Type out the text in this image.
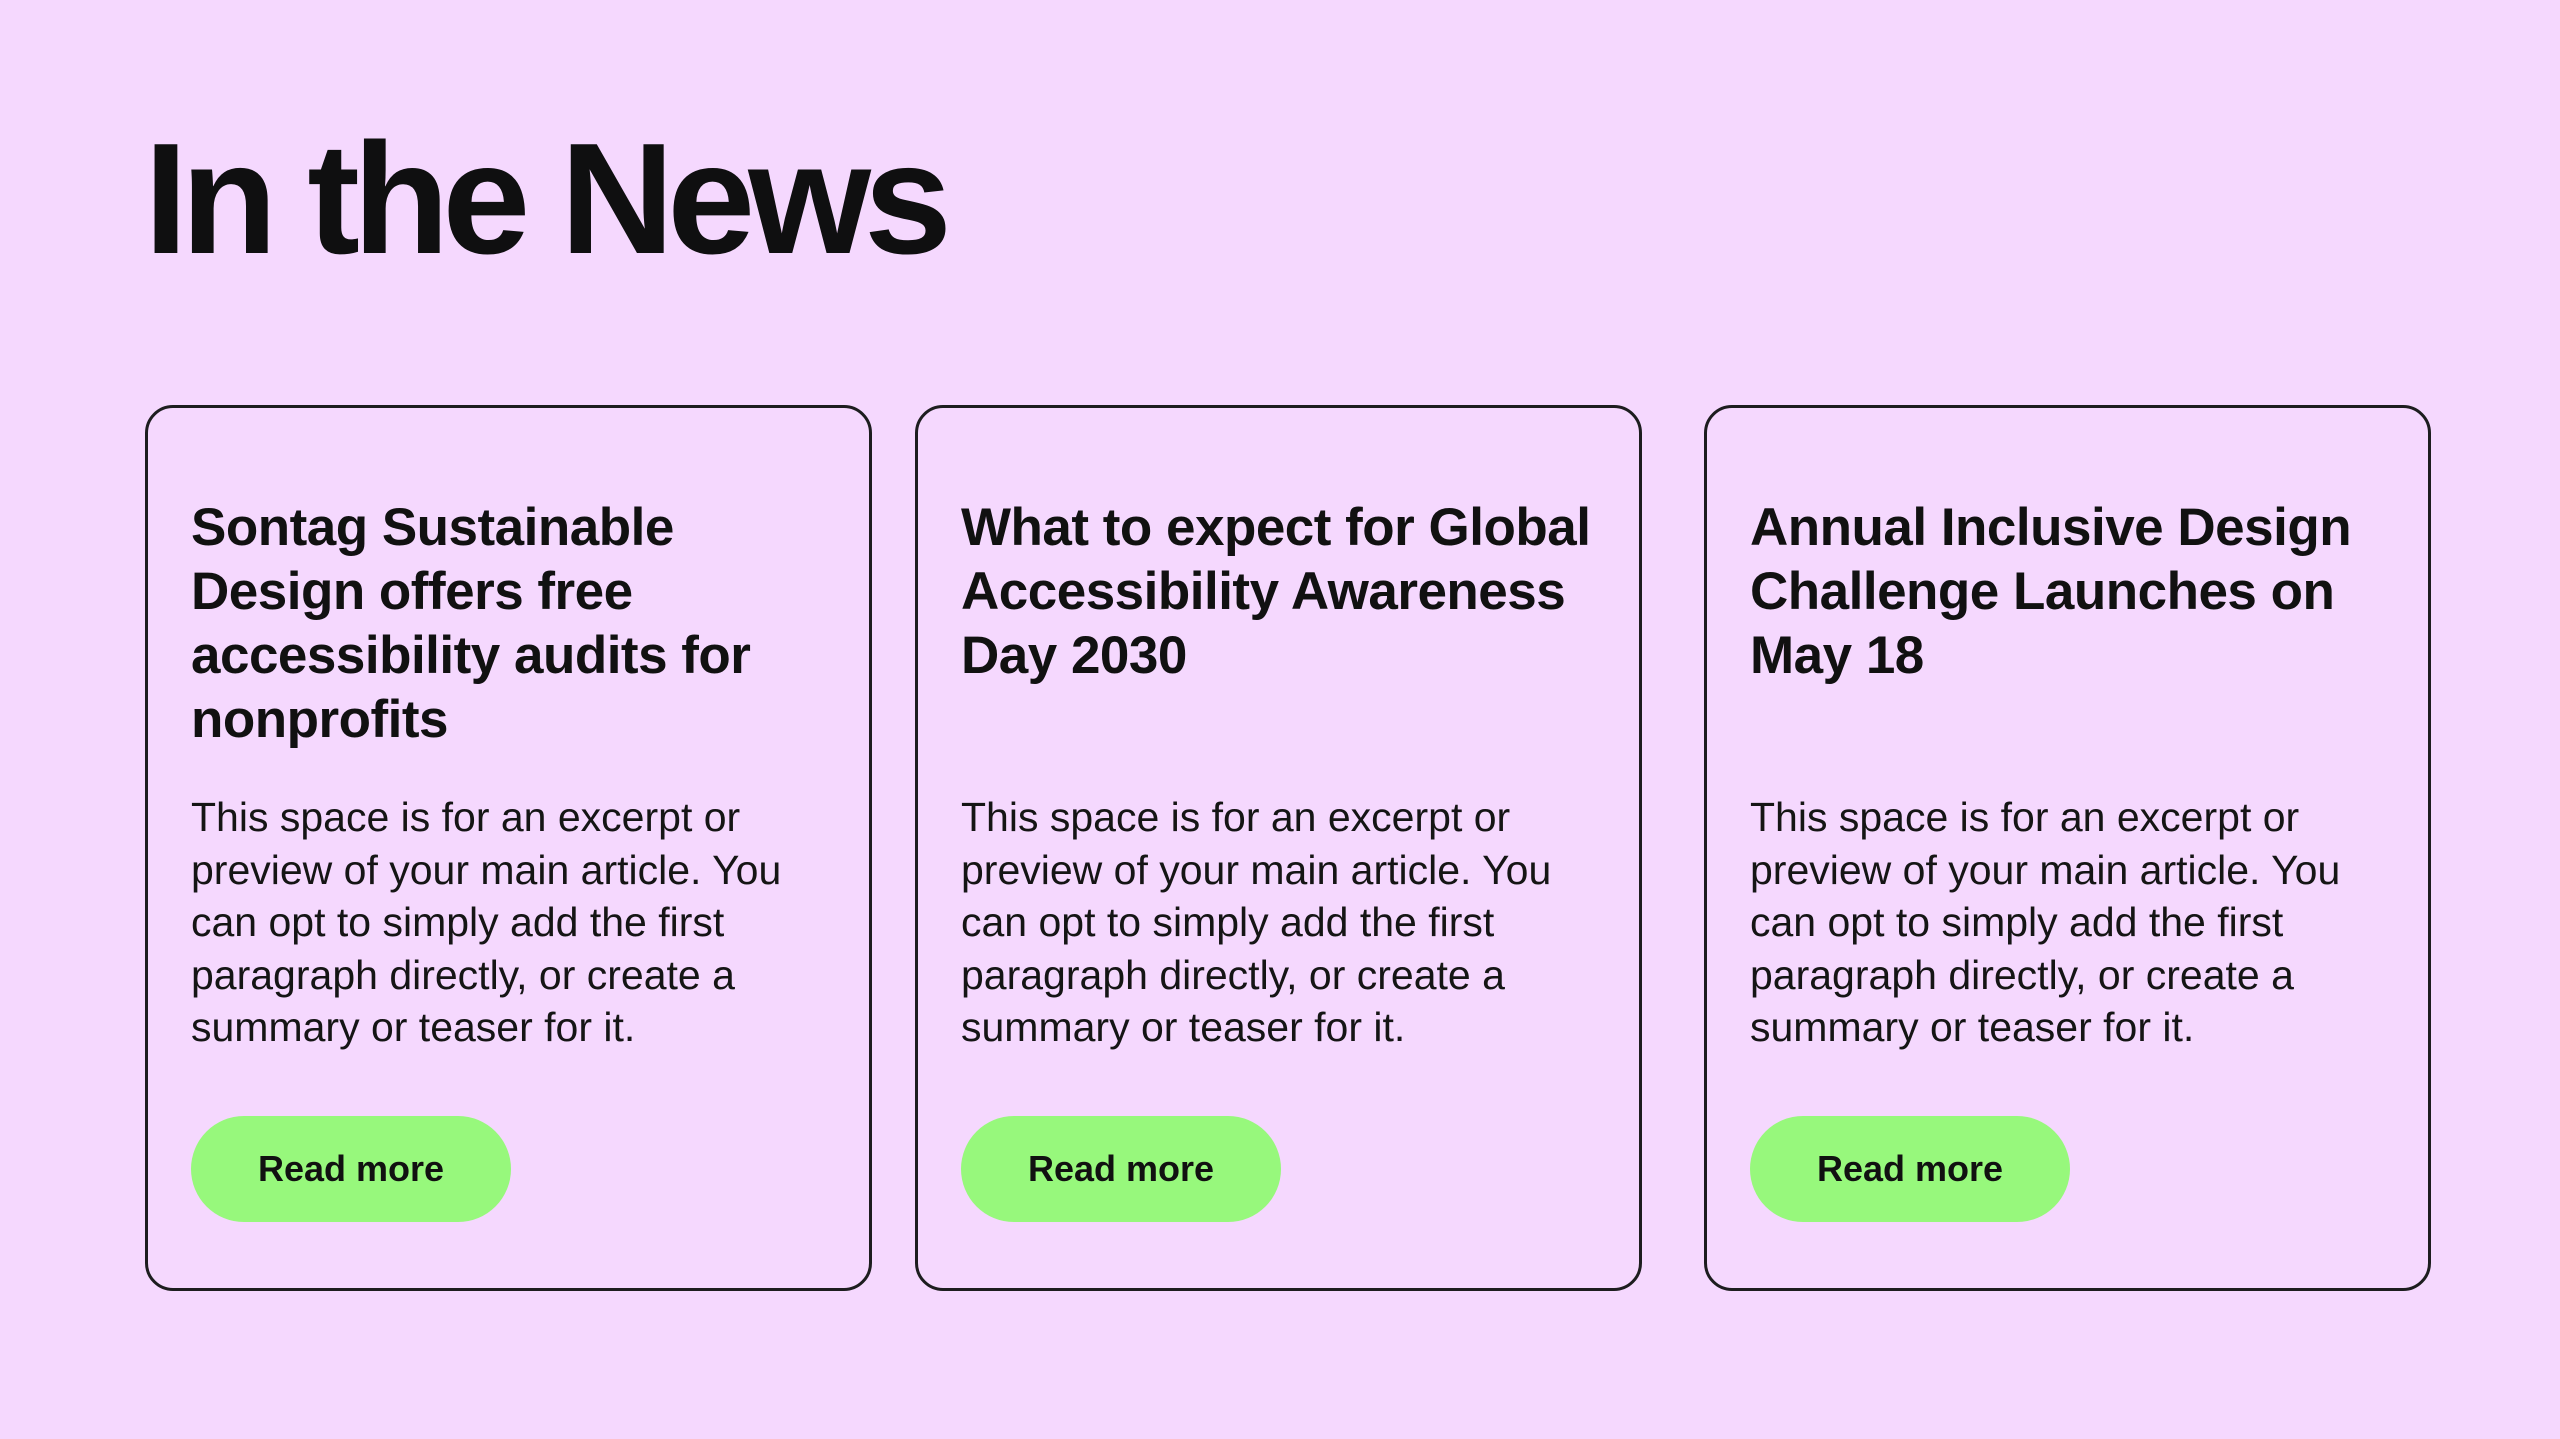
In the News
Sontag Sustainable Design offers free accessibility audits for nonprofits

This space is for an excerpt or preview of your main article. You can opt to simply add the first paragraph directly, or create a summary or teaser for it.

Read more
What to expect for Global Accessibility Awareness Day 2030

This space is for an excerpt or preview of your main article. You can opt to simply add the first paragraph directly, or create a summary or teaser for it.

Read more
Annual Inclusive Design Challenge Launches on May 18

This space is for an excerpt or preview of your main article. You can opt to simply add the first paragraph directly, or create a summary or teaser for it.

Read more
